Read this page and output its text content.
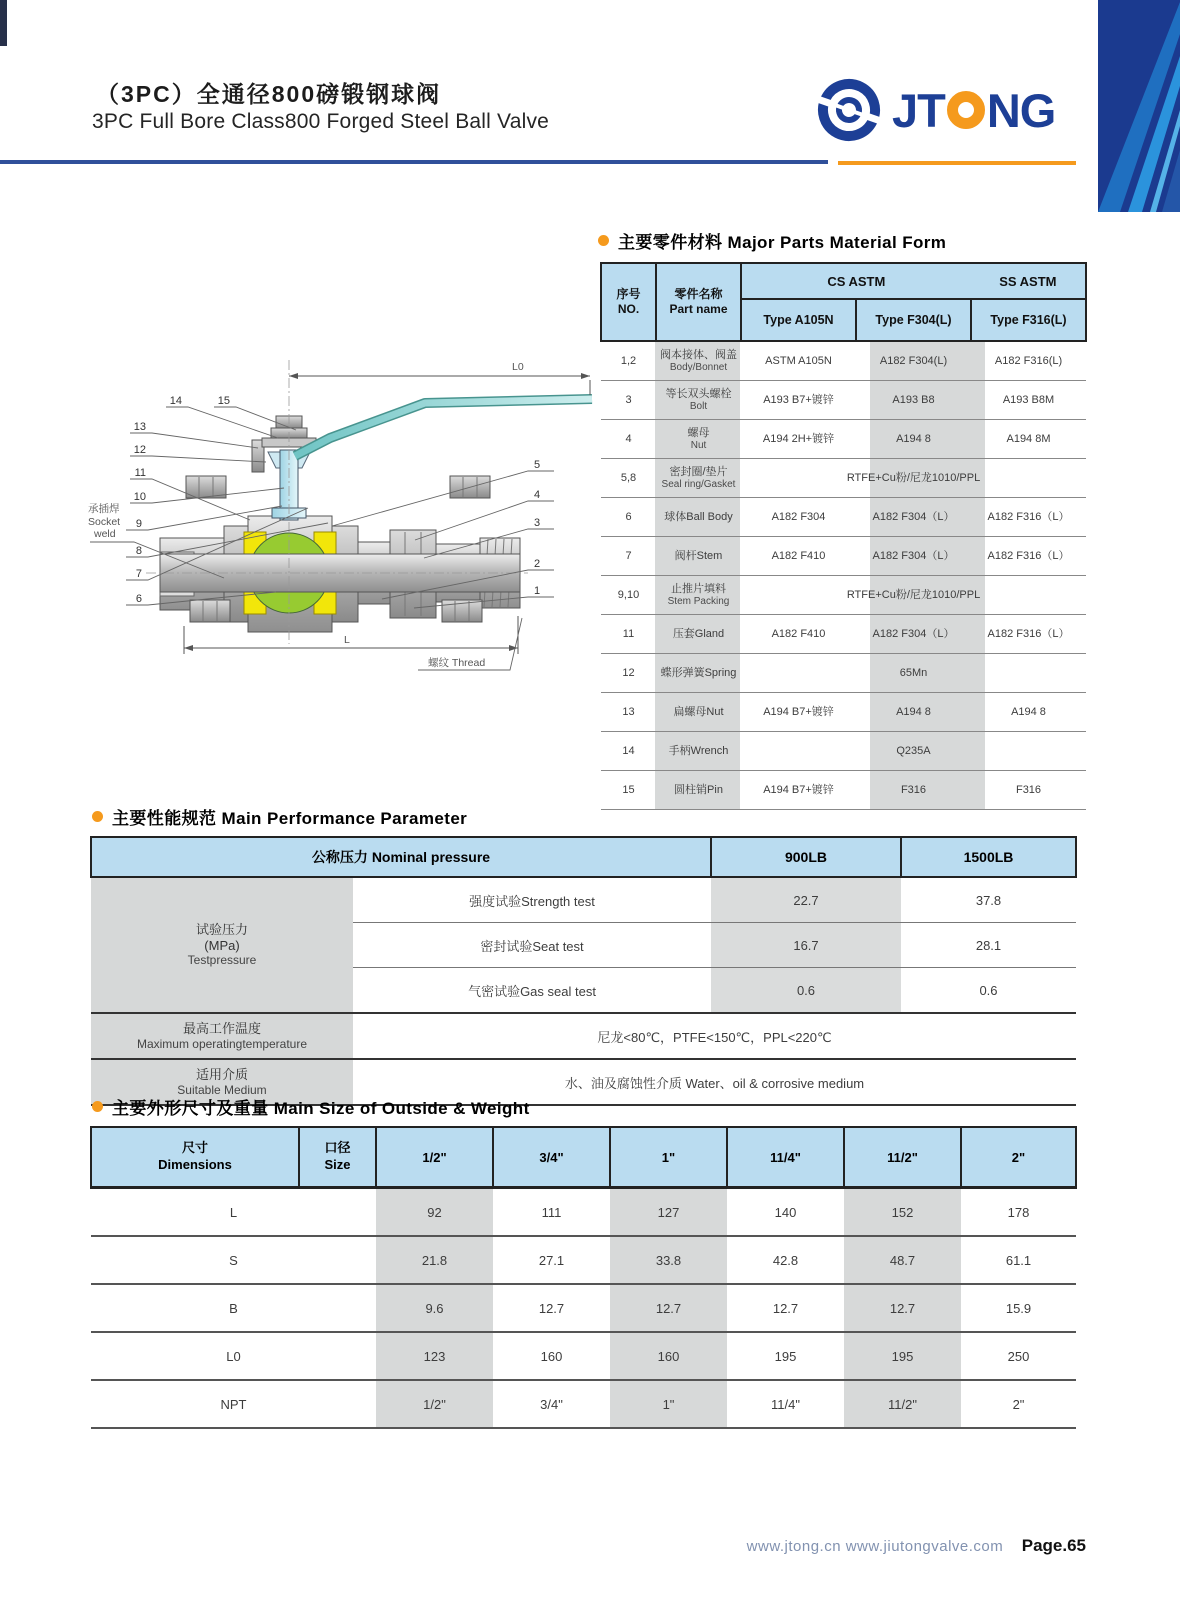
（3PC）全通径800磅锻钢球阀
3PC Full Bore Class800 Forged Steel Ball Valve	JT NG
L0
L
承插焊
Socket
weld
螺纹 Thread
14	15
13
12
11
10
9
8
7
6
5
4
3
2
1
主要零件材料 Major Parts Material Form
序号
NO.

零件名称
Part name

CS ASTM	SS ASTM

		Type A105N	Type F304(L)	Type F316(L)
1,2	阀本接体、阀盖
Body/Bonnet	ASTM A105N	A182 F304(L)	A182 F316(L)
3	等长双头螺栓
Bolt	A193 B7+镀锌	A193 B8	A193 B8M
4	螺母
Nut	A194 2H+镀锌	A194 8	A194 8M
5,8	密封圈/垫片
Seal ring/Gasket	RTFE+Cu粉/尼龙1010/PPL		
6	球体Ball Body	A182 F304	A182 F304（L）	A182 F316（L）
7	阀杆Stem	A182 F410	A182 F304（L）	A182 F316（L）
9,10	止推片填料
Stem Packing	RTFE+Cu粉/尼龙1010/PPL		
11	压套Gland	A182 F410	A182 F304（L）	A182 F316（L）
12	蝶形弹簧Spring	65Mn		
13	扁螺母Nut	A194 B7+镀锌	A194 8	A194 8
14	手柄Wrench	Q235A		
15	圆柱销Pin	A194 B7+镀锌	F316	F316
主要性能规范 Main Performance Parameter
公称压力 Nominal pressure		900LB	1500LB

试验压力
(MPa)
Testpressure	强度试验Strength test	22.7	37.8
	密封试验Seat test	16.7	28.1
	气密试验Gas seal test	0.6	0.6

最高工作温度
Maximum operatingtemperature	尼龙<80℃，PTFE<150℃，PPL<220℃		

适用介质
Suitable Medium	水、油及腐蚀性介质 Water、oil & corrosive medium		
主要外形尺寸及重量 Main Size of Outside & Weight
尺寸
Dimensions

口径
Size	1/2"	3/4"	1"	11/4"	11/2"	2"
L		92	111	127	140	152	178
S		21.8	27.1	33.8	42.8	48.7	61.1
B		9.6	12.7	12.7	12.7	12.7	15.9
L0		123	160	160	195	195	250
NPT		1/2"	3/4"	1"	11/4"	11/2"	2"
www.jtong.cn www.jiutongvalve.com Page.65
